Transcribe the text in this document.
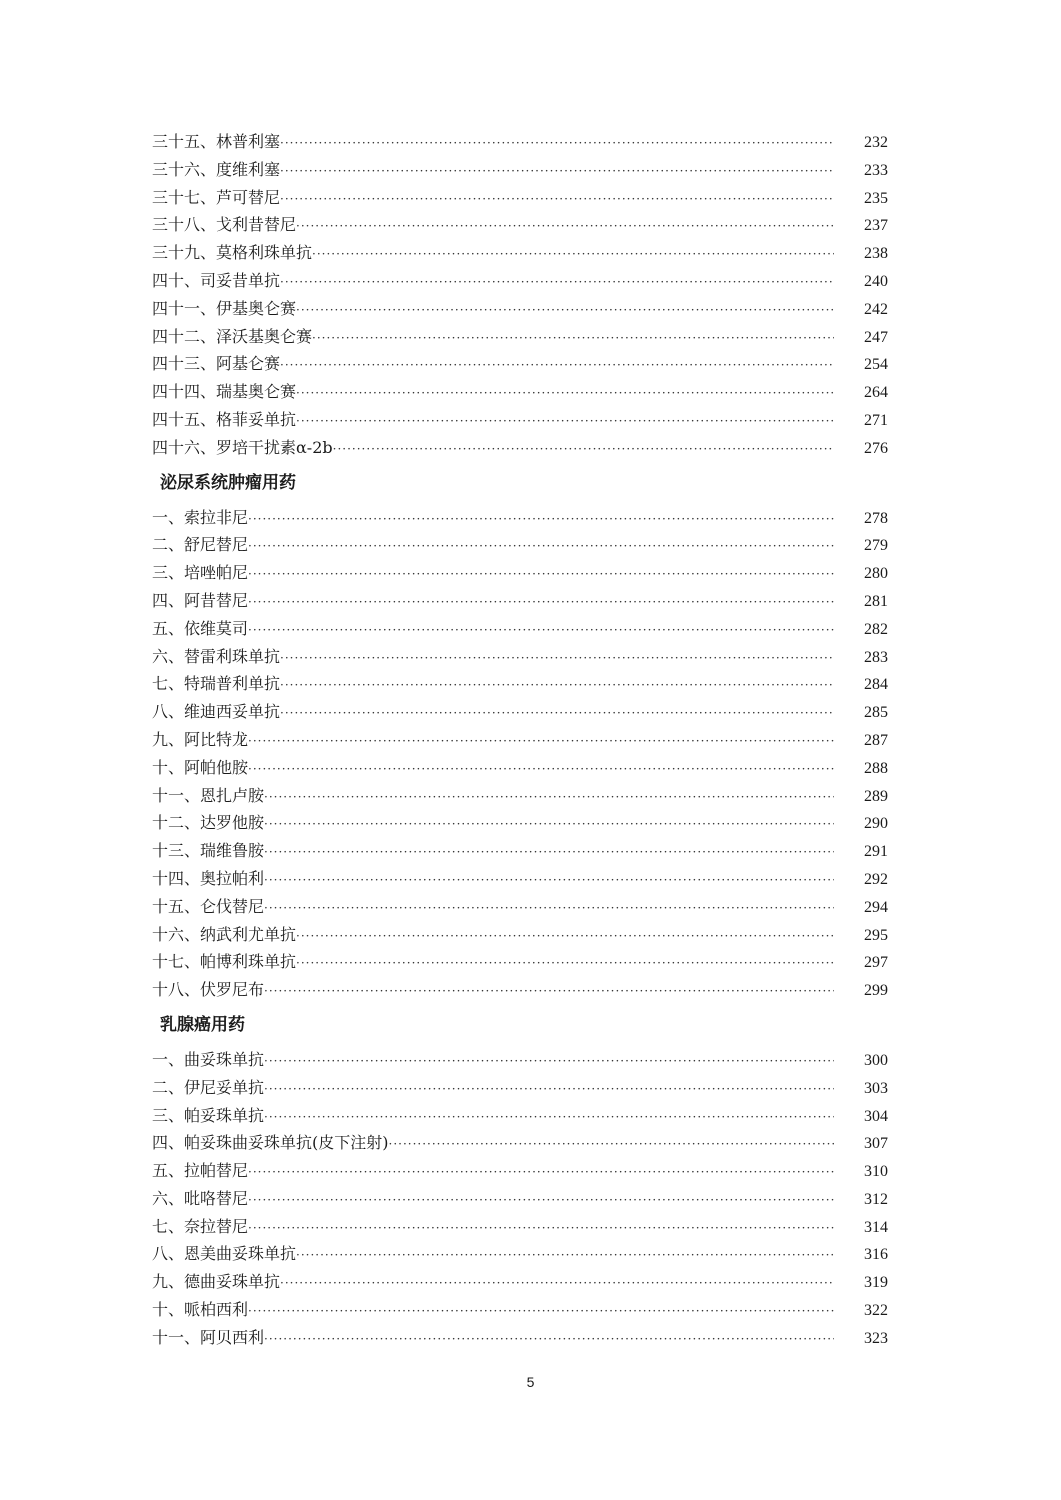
三十五、林普利塞 ·····	232
三十六、度维利塞 ·····	233
三十七、芦可替尼 ·····	235
三十八、戈利昔替尼 ·····	237
三十九、莫格利珠单抗 ·····	238
四十、司妥昔单抗 ·····	240
四十一、伊基奥仑赛 ·····	242
四十二、泽沃基奥仑赛 ·····	247
四十三、阿基仑赛 ·····	254
四十四、瑞基奥仑赛 ·····	264
四十五、格菲妥单抗 ·····	271
四十六、罗培干扰素α-2b ·····	276
泌尿系统肿瘤用药
一、索拉非尼 ·····	278
二、舒尼替尼 ·····	279
三、培唑帕尼 ·····	280
四、阿昔替尼 ·····	281
五、依维莫司 ·····	282
六、替雷利珠单抗 ·····	283
七、特瑞普利单抗 ·····	284
八、维迪西妥单抗 ·····	285
九、阿比特龙 ·····	287
十、阿帕他胺 ·····	288
十一、恩扎卢胺 ·····	289
十二、达罗他胺 ·····	290
十三、瑞维鲁胺 ·····	291
十四、奥拉帕利 ·····	292
十五、仑伐替尼 ·····	294
十六、纳武利尤单抗 ·····	295
十七、帕博利珠单抗 ·····	297
十八、伏罗尼布 ·····	299
乳腺癌用药
一、曲妥珠单抗 ·····	300
二、伊尼妥单抗 ·····	303
三、帕妥珠单抗 ·····	304
四、帕妥珠曲妥珠单抗(皮下注射) ·····	307
五、拉帕替尼 ·····	310
六、吡咯替尼 ·····	312
七、奈拉替尼 ·····	314
八、恩美曲妥珠单抗 ·····	316
九、德曲妥珠单抗 ·····	319
十、哌柏西利 ·····	322
十一、阿贝西利 ·····	323
5
